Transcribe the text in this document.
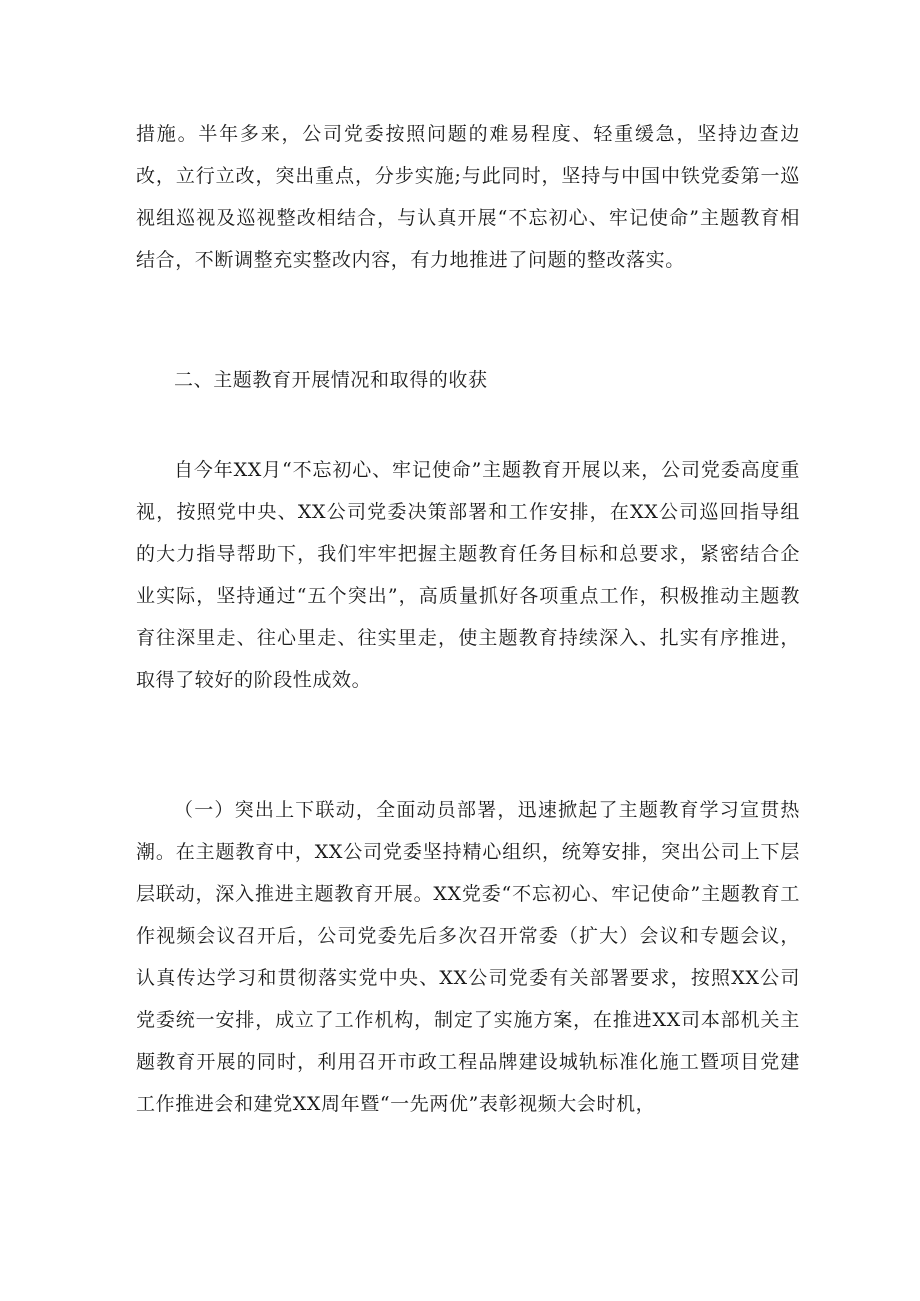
措施。半年多来，公司党委按照问题的难易程度、轻重缓急，坚持边查边改，立行立改，突出重点，分步实施;与此同时，坚持与中国中铁党委第一巡视组巡视及巡视整改相结合，与认真开展“不忘初心、牢记使命”主题教育相结合，不断调整充实整改内容，有力地推进了问题的整改落实。

二、主题教育开展情况和取得的收获

自今年XX月“不忘初心、牢记使命”主题教育开展以来，公司党委高度重视，按照党中央、XX公司党委决策部署和工作安排，在XX公司巡回指导组的大力指导帮助下，我们牢牢把握主题教育任务目标和总要求，紧密结合企业实际，坚持通过“五个突出”，高质量抓好各项重点工作，积极推动主题教育往深里走、往心里走、往实里走，使主题教育持续深入、扎实有序推进，取得了较好的阶段性成效。

（一）突出上下联动，全面动员部署，迅速掀起了主题教育学习宣贯热潮。在主题教育中，XX公司党委坚持精心组织，统筹安排，突出公司上下层层联动，深入推进主题教育开展。XX党委“不忘初心、牢记使命”主题教育工作视频会议召开后，公司党委先后多次召开常委（扩大）会议和专题会议，认真传达学习和贯彻落实党中央、XX公司党委有关部署要求，按照XX公司党委统一安排，成立了工作机构，制定了实施方案，在推进XX司本部机关主题教育开展的同时，利用召开市政工程品牌建设城轨标准化施工暨项目党建工作推进会和建党XX周年暨“一先两优”表彰视频大会时机，
